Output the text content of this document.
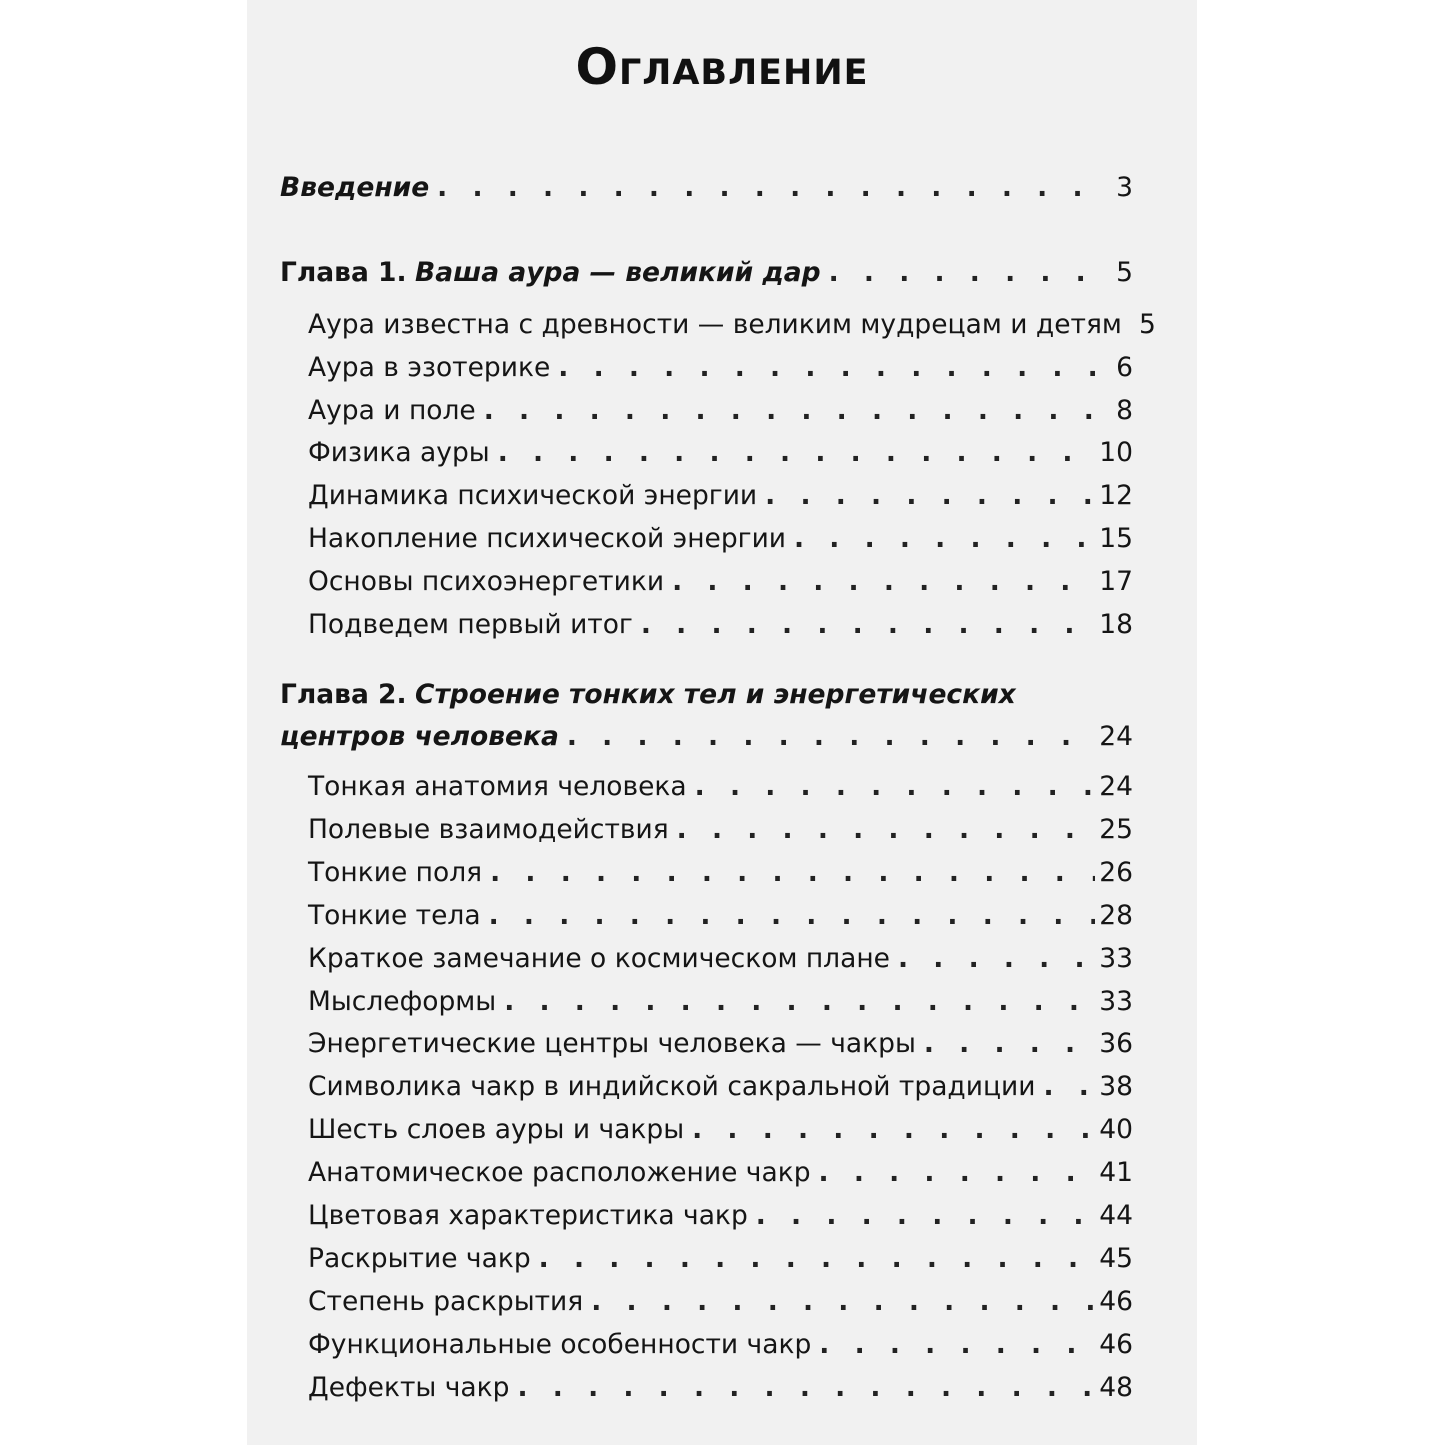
Оглавление
Введение . . .	3
Глава 1. Ваша аура — великий дар . . .	5
Аура известна с древности — великим мудрецам и детям 5
Аура в эзотерике . . .	6
Аура и поле . . .	8
Физика ауры . . .	10
Динамика психической энергии . . .	12
Накопление психической энергии . . .	15
Основы психоэнергетики . . .	17
Подведем первый итог . . .	18
Глава 2. Строение тонких тел и энергетических
центров человека . . .	24
Тонкая анатомия человека . . .	24
Полевые взаимодействия . . .	25
Тонкие поля . . .	26
Тонкие тела . . .	28
Краткое замечание о космическом плане . . .	33
Мыслеформы . . .	33
Энергетические центры человека — чакры . . .	36
Символика чакр в индийской сакральной традиции . . . 38
Шесть слоев ауры и чакры . . .	40
Анатомическое расположение чакр . . .	41
Цветовая характеристика чакр . . .	44
Раскрытие чакр . . .	45
Степень раскрытия . . .	46
Функциональные особенности чакр . . .	46
Дефекты чакр . . .	48
